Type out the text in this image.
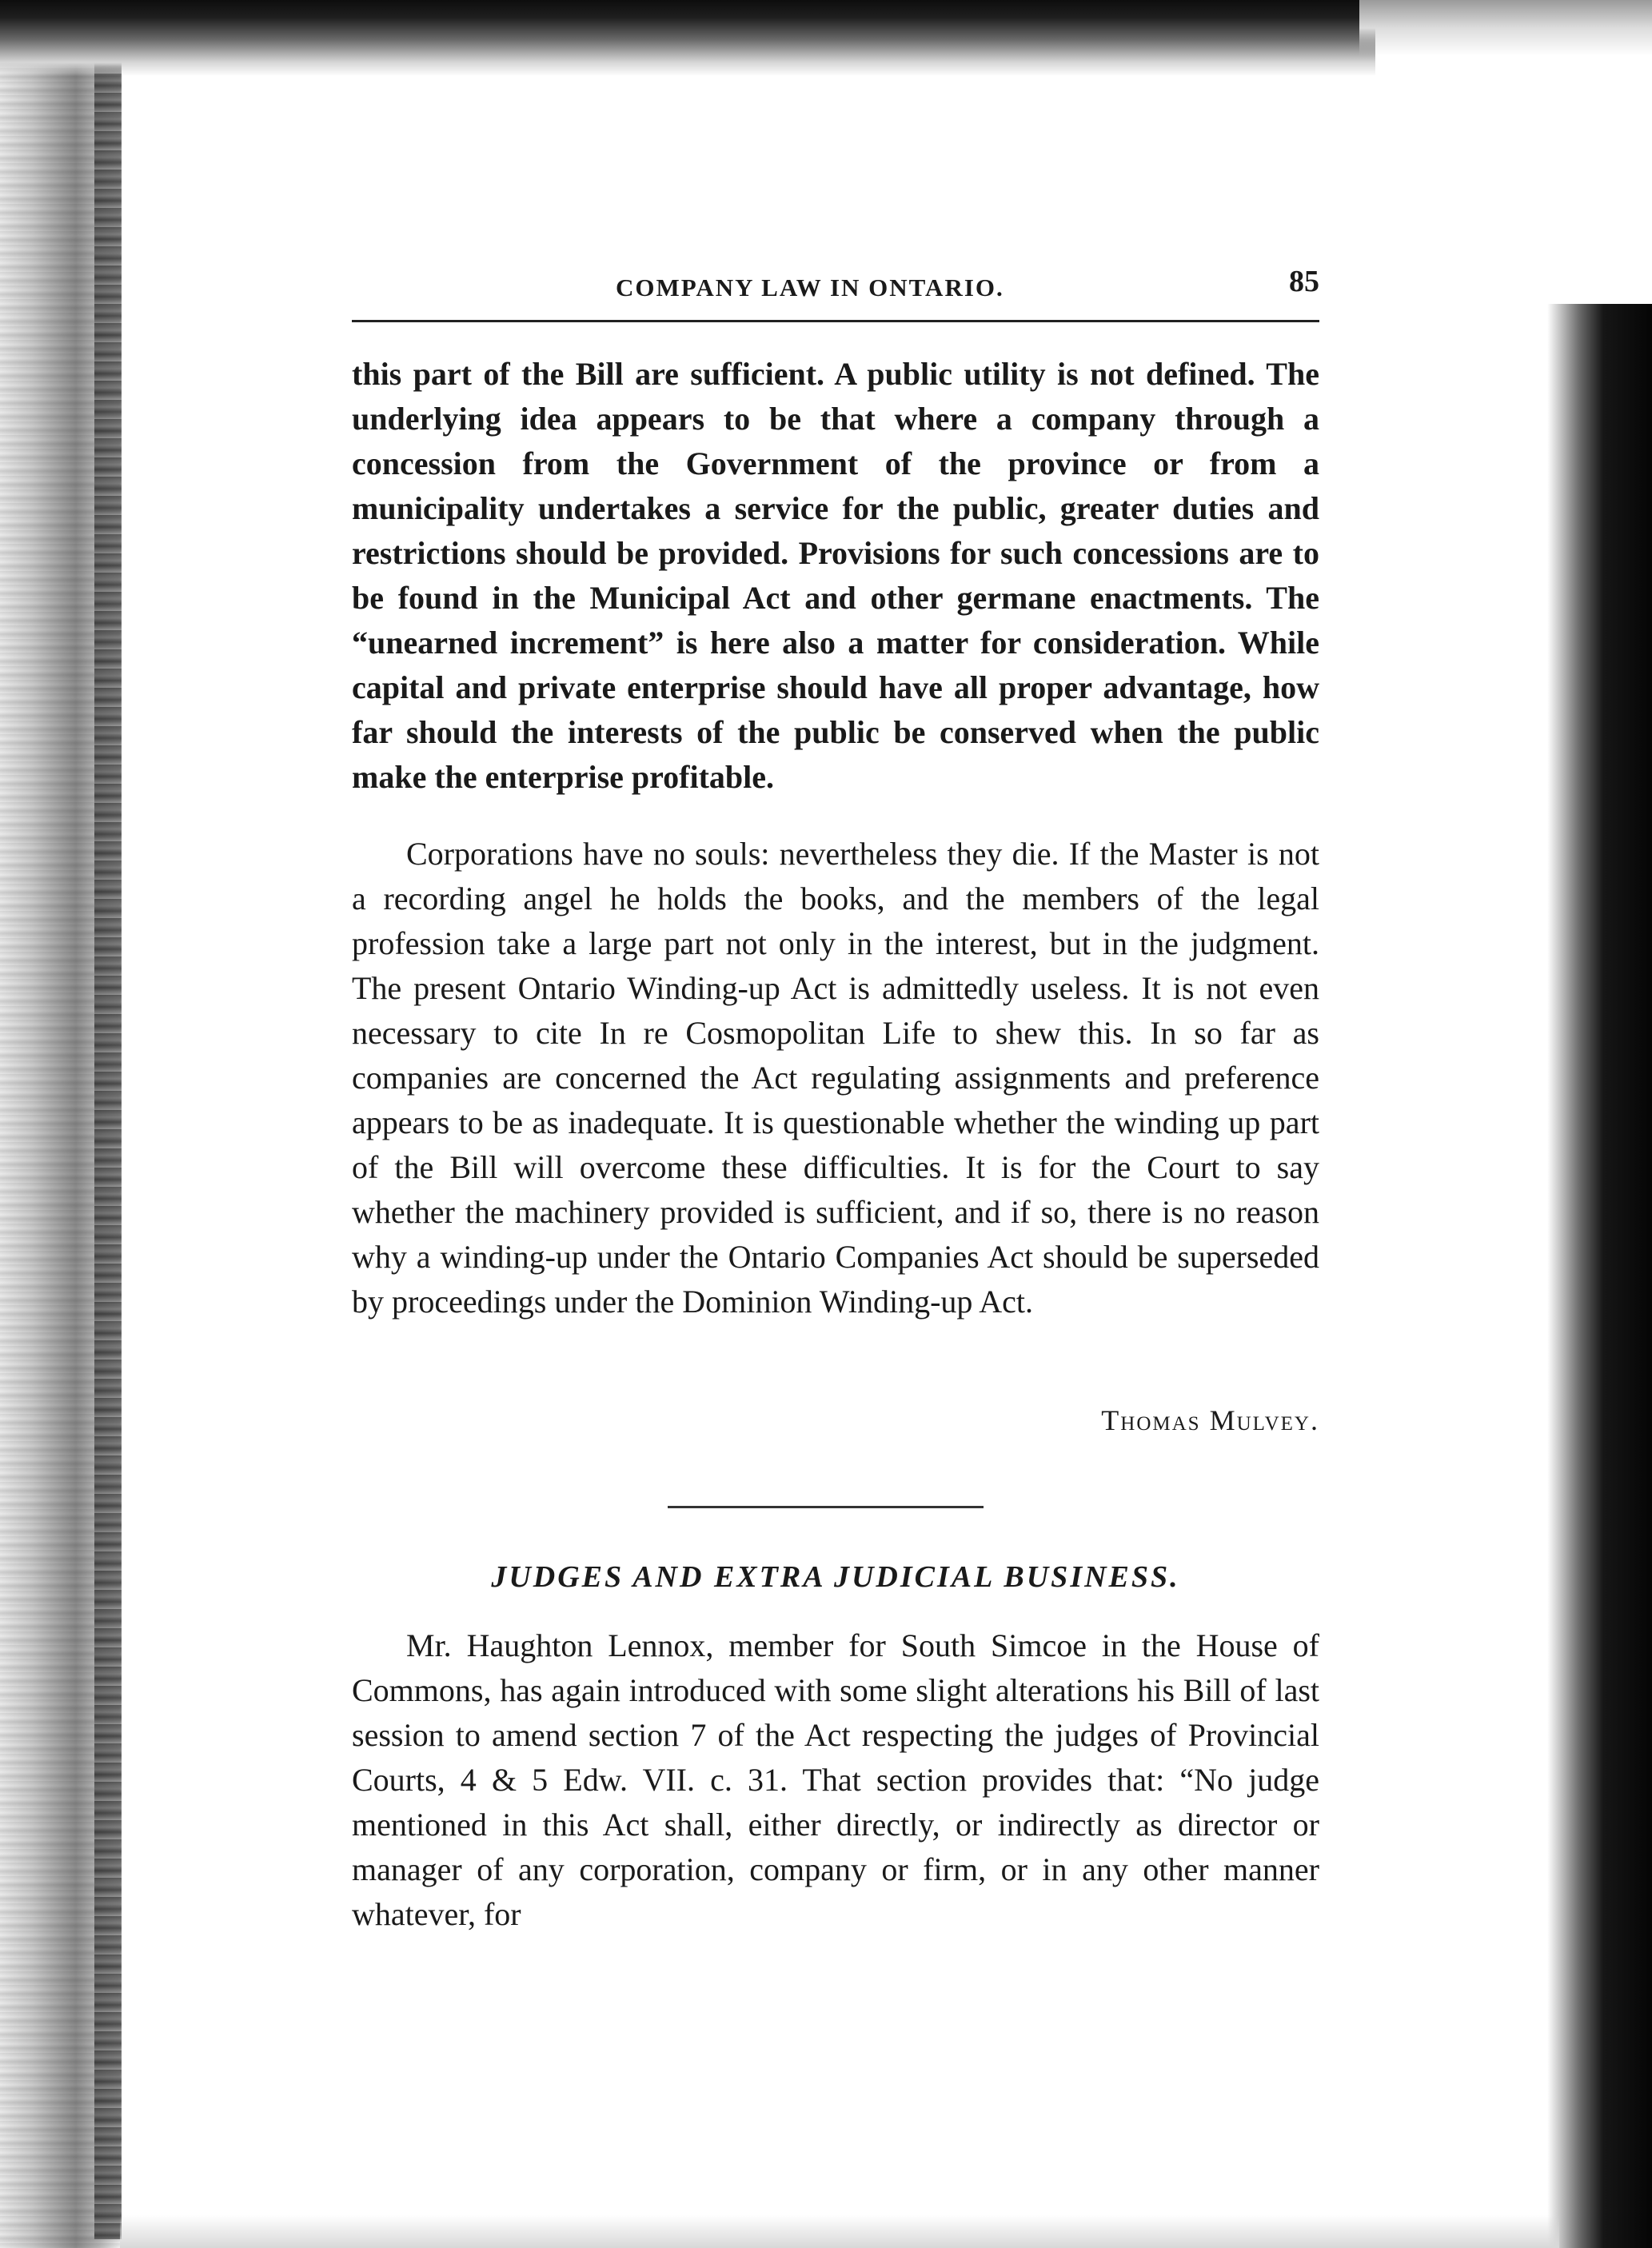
COMPANY LAW IN ONTARIO.	85

this part of the Bill are sufficient. A public utility is not defined. The underlying idea appears to be that where a company through a concession from the Government of the province or from a municipality undertakes a service for the public, greater duties and restrictions should be provided. Provisions for such concessions are to be found in the Municipal Act and other germane enactments. The “unearned increment” is here also a matter for consideration. While capital and private enterprise should have all proper advantage, how far should the interests of the public be conserved when the public make the enterprise profitable.

Corporations have no souls: nevertheless they die. If the Master is not a recording angel he holds the books, and the members of the legal profession take a large part not only in the interest, but in the judgment. The present Ontario Winding-up Act is admittedly useless. It is not even necessary to cite In re Cosmopolitan Life to shew this. In so far as companies are concerned the Act regulating assignments and preference appears to be as inadequate. It is questionable whether the winding up part of the Bill will overcome these difficulties. It is for the Court to say whether the machinery provided is sufficient, and if so, there is no reason why a winding-up under the Ontario Companies Act should be superseded by proceedings under the Dominion Winding-up Act.

Thomas Mulvey.
JUDGES AND EXTRA JUDICIAL BUSINESS.

Mr. Haughton Lennox, member for South Simcoe in the House of Commons, has again introduced with some slight alterations his Bill of last session to amend section 7 of the Act respecting the judges of Provincial Courts, 4 & 5 Edw. VII. c. 31. That section provides that: “No judge mentioned in this Act shall, either directly, or indirectly as director or manager of any corporation, company or firm, or in any other manner whatever, for
